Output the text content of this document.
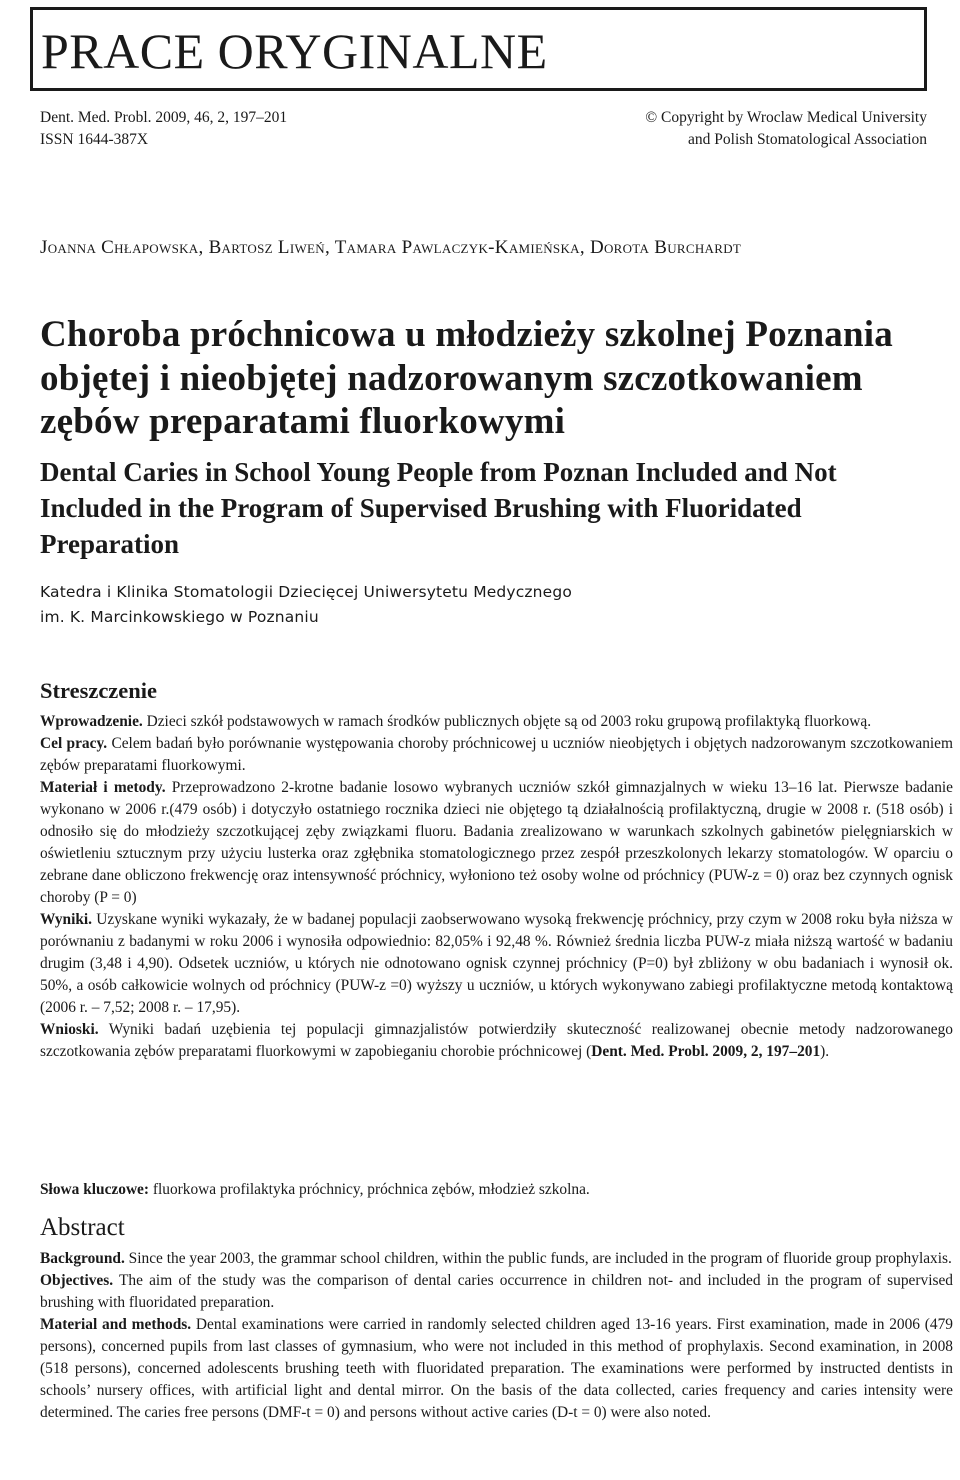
PRACE ORYGINALNE
Dent. Med. Probl. 2009, 46, 2, 197–201
ISSN 1644-387X
© Copyright by Wroclaw Medical University
and Polish Stomatological Association
Joanna Chłapowska, Bartosz Liweń, Tamara Pawlaczyk-Kamieńska, Dorota Burchardt
Choroba próchnicowa u młodzieży szkolnej Poznania objętej i nieobjętej nadzorowanym szczotkowaniem zębów preparatami fluorkowymi
Dental Caries in School Young People from Poznan Included and Not Included in the Program of Supervised Brushing with Fluoridated Preparation
Katedra i Klinika Stomatologii Dziecięcej Uniwersytetu Medycznego
im. K. Marcinkowskiego w Poznaniu
Streszczenie

Wprowadzenie. Dzieci szkół podstawowych w ramach środków publicznych objęte są od 2003 roku grupową profilaktyką fluorkową.

Cel pracy. Celem badań było porównanie występowania choroby próchnicowej u uczniów nieobjętych i objętych nadzorowanym szczotkowaniem zębów preparatami fluorkowymi.

Materiał i metody. Przeprowadzono 2-krotne badanie losowo wybranych uczniów szkół gimnazjalnych w wieku 13–16 lat. Pierwsze badanie wykonano w 2006 r.(479 osób) i dotyczyło ostatniego rocznika dzieci nie objętego tą działalnością profilaktyczną, drugie w 2008 r. (518 osób) i odnosiło się do młodzieży szczotkującej zęby związkami fluoru. Badania zrealizowano w warunkach szkolnych gabinetów pielęgniarskich w oświetleniu sztucznym przy użyciu lusterka oraz zgłębnika stomatologicznego przez zespół przeszkolonych lekarzy stomatologów. W oparciu o zebrane dane obliczono frekwencję oraz intensywność próchnicy, wyłoniono też osoby wolne od próchnicy (PUW-z = 0) oraz bez czynnych ognisk choroby (P = 0)

Wyniki. Uzyskane wyniki wykazały, że w badanej populacji zaobserwowano wysoką frekwencję próchnicy, przy czym w 2008 roku była niższa w porównaniu z badanymi w roku 2006 i wynosiła odpowiednio: 82,05% i 92,48 %. Również średnia liczba PUW-z miała niższą wartość w badaniu drugim (3,48 i 4,90). Odsetek uczniów, u których nie odnotowano ognisk czynnej próchnicy (P=0) był zbliżony w obu badaniach i wynosił ok. 50%, a osób całkowicie wolnych od próchnicy (PUW-z =0) wyższy u uczniów, u których wykonywano zabiegi profilaktyczne metodą kontaktową (2006 r. – 7,52; 2008 r. – 17,95).

Wnioski. Wyniki badań uzębienia tej populacji gimnazjalistów potwierdziły skuteczność realizowanej obecnie metody nadzorowanego szczotkowania zębów preparatami fluorkowymi w zapobieganiu chorobie próchnicowej (Dent. Med. Probl. 2009, 2, 197–201).

Słowa kluczowe: fluorkowa profilaktyka próchnicy, próchnica zębów, młodzież szkolna.

Abstract

Background. Since the year 2003, the grammar school children, within the public funds, are included in the program of fluoride group prophylaxis.

Objectives. The aim of the study was the comparison of dental caries occurrence in children not- and included in the program of supervised brushing with fluoridated preparation.

Material and methods. Dental examinations were carried in randomly selected children aged 13-16 years. First examination, made in 2006 (479 persons), concerned pupils from last classes of gymnasium, who were not included in this method of prophylaxis. Second examination, in 2008 (518 persons), concerned adolescents brushing teeth with fluoridated preparation. The examinations were performed by instructed dentists in schools’ nursery offices, with artificial light and dental mirror. On the basis of the data collected, caries frequency and caries intensity were determined. The caries free persons (DMF-t = 0) and persons without active caries (D-t = 0) were also noted.
